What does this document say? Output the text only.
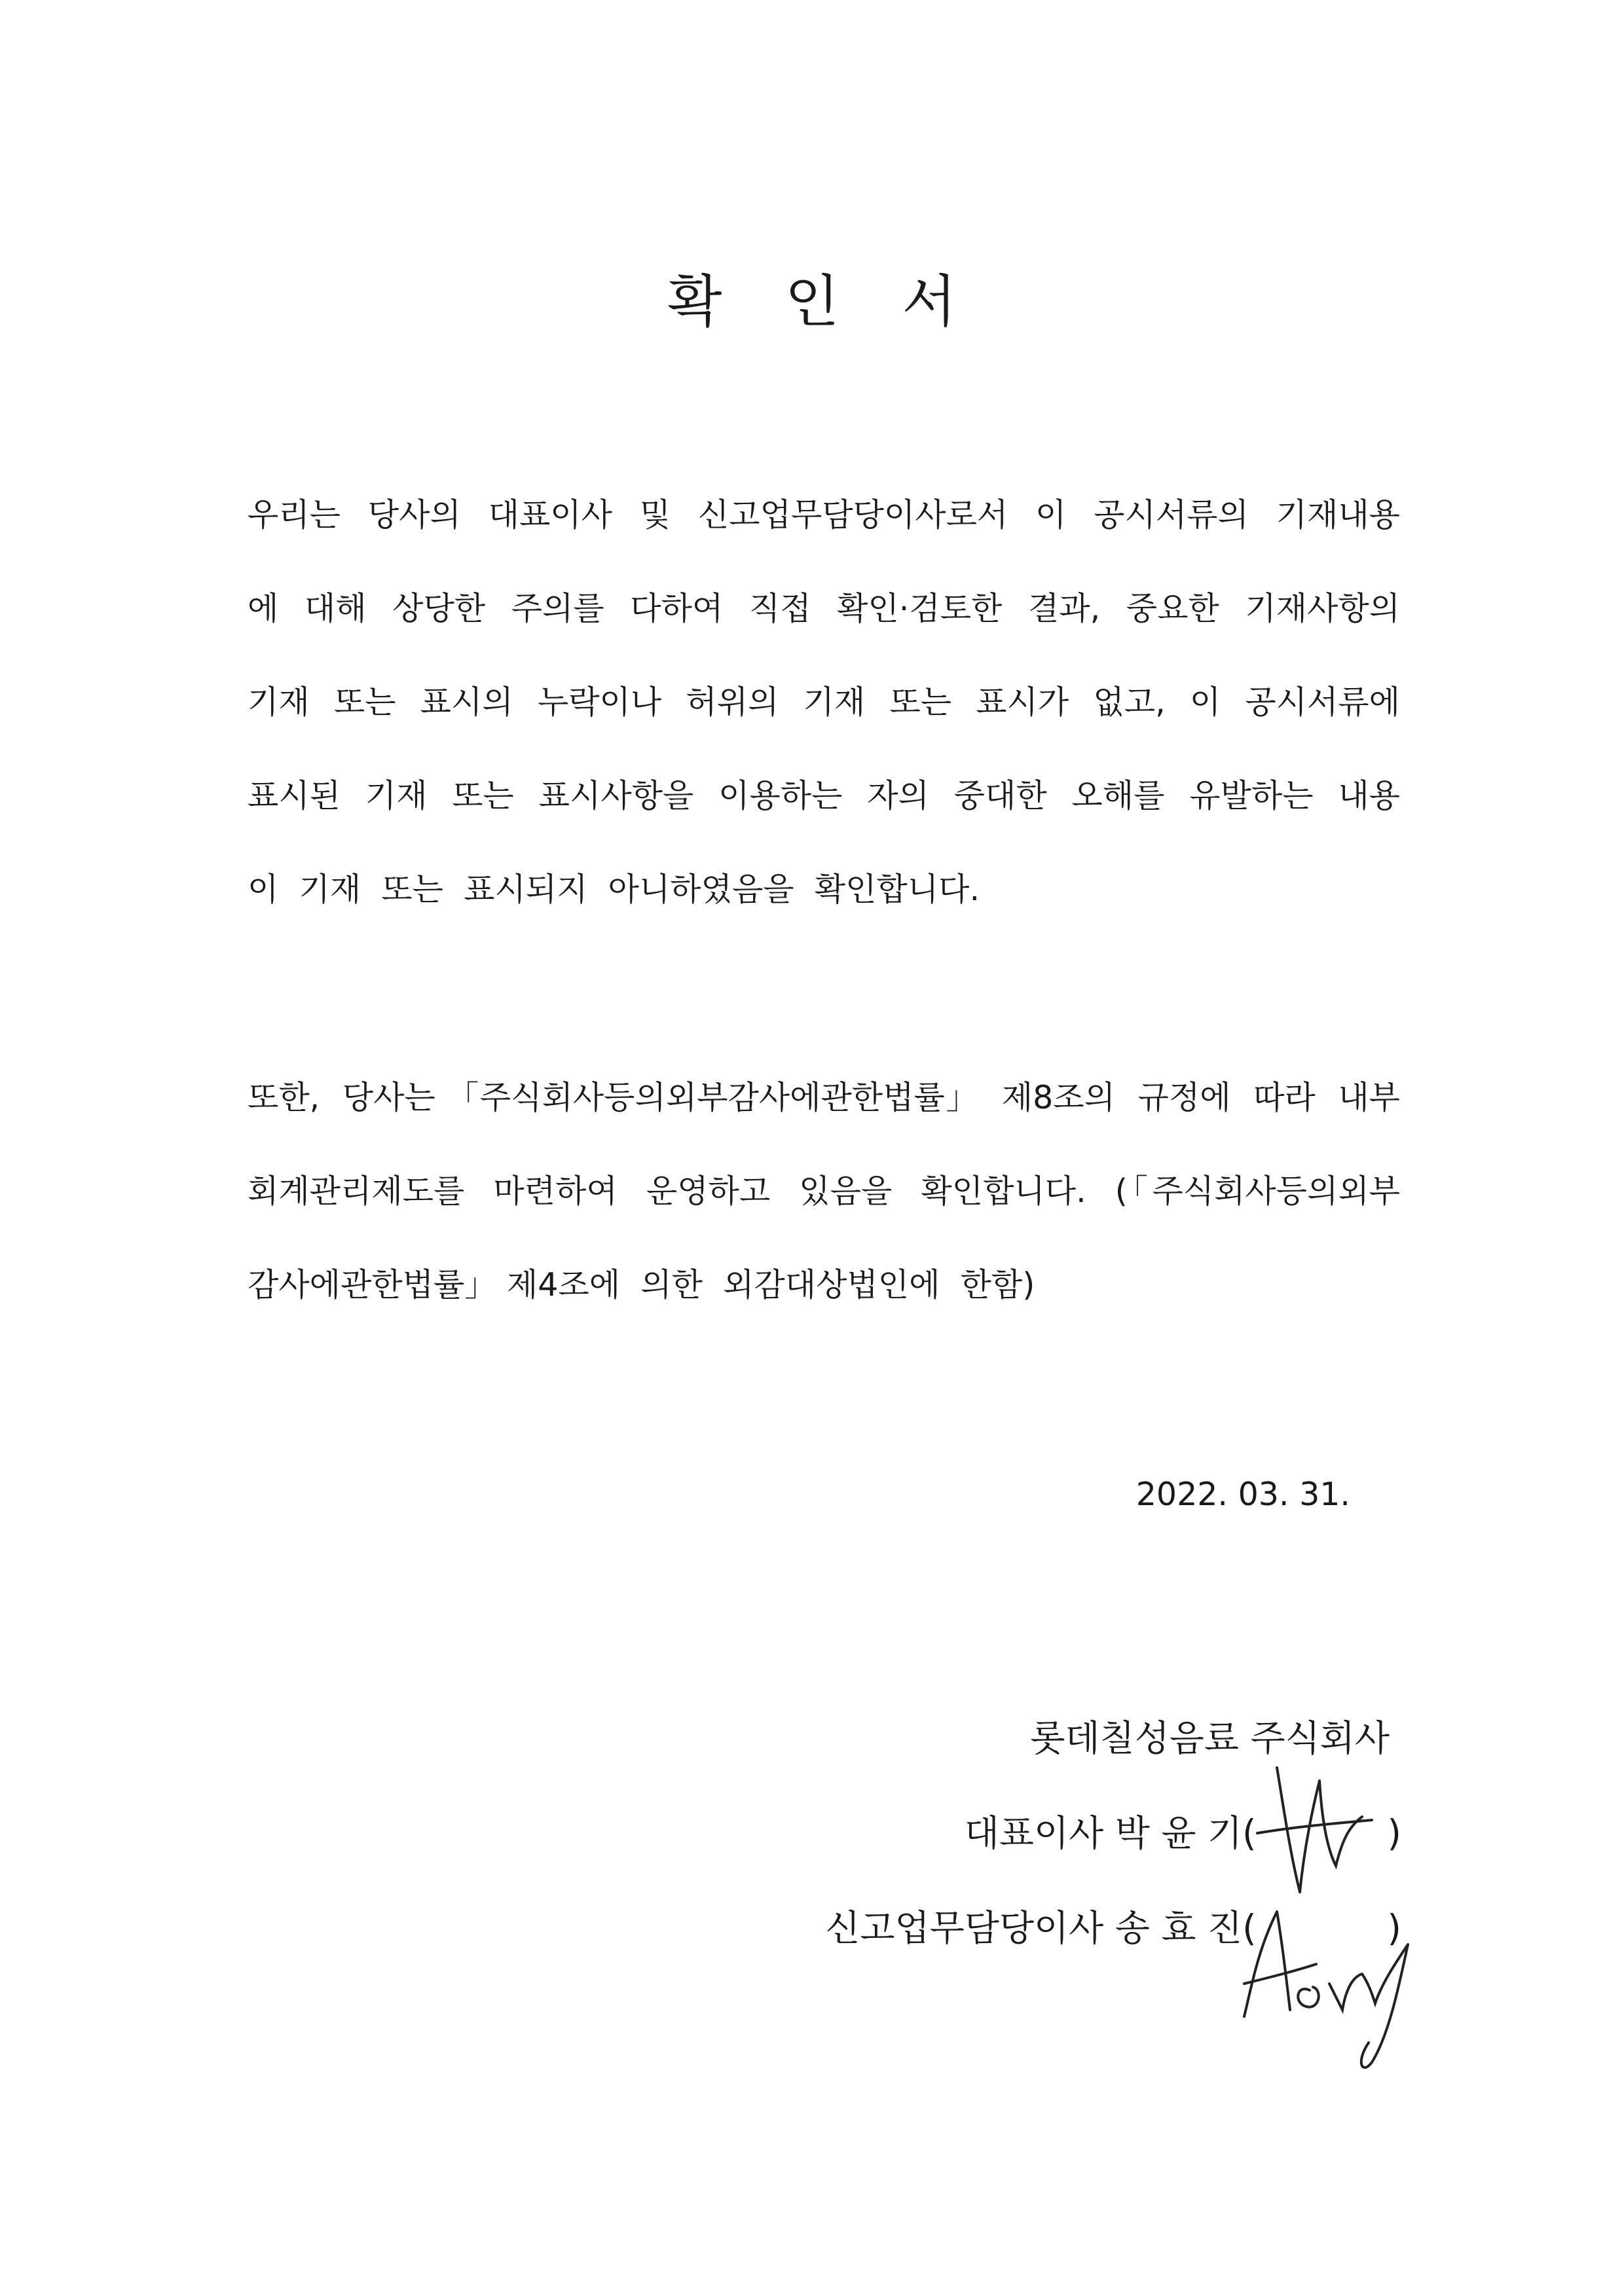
확 인 서
우리는  당사의  대표이사  및  신고업무담당이사로서  이  공시서류의  기재내용
에  대해  상당한  주의를  다하여  직접  확인·검토한  결과,  중요한  기재사항의
기재  또는  표시의  누락이나  허위의  기재  또는  표시가  없고,  이  공시서류에
표시된  기재  또는  표시사항을  이용하는  자의  중대한  오해를  유발하는  내용
이  기재  또는  표시되지  아니하였음을  확인합니다.
또한,  당사는 「주식회사등의외부감사에관한법률」  제8조의  규정에  따라  내부
회계관리제도를  마련하여  운영하고  있음을  확인합니다.  (「주식회사등의외부
감사에관한법률」 제4조에  의한  외감대상법인에  한함)
2022. 03. 31.
롯데칠성음료 주식회사
대표이사 박 윤 기(	)
신고업무담당이사 송 효 진(	)
